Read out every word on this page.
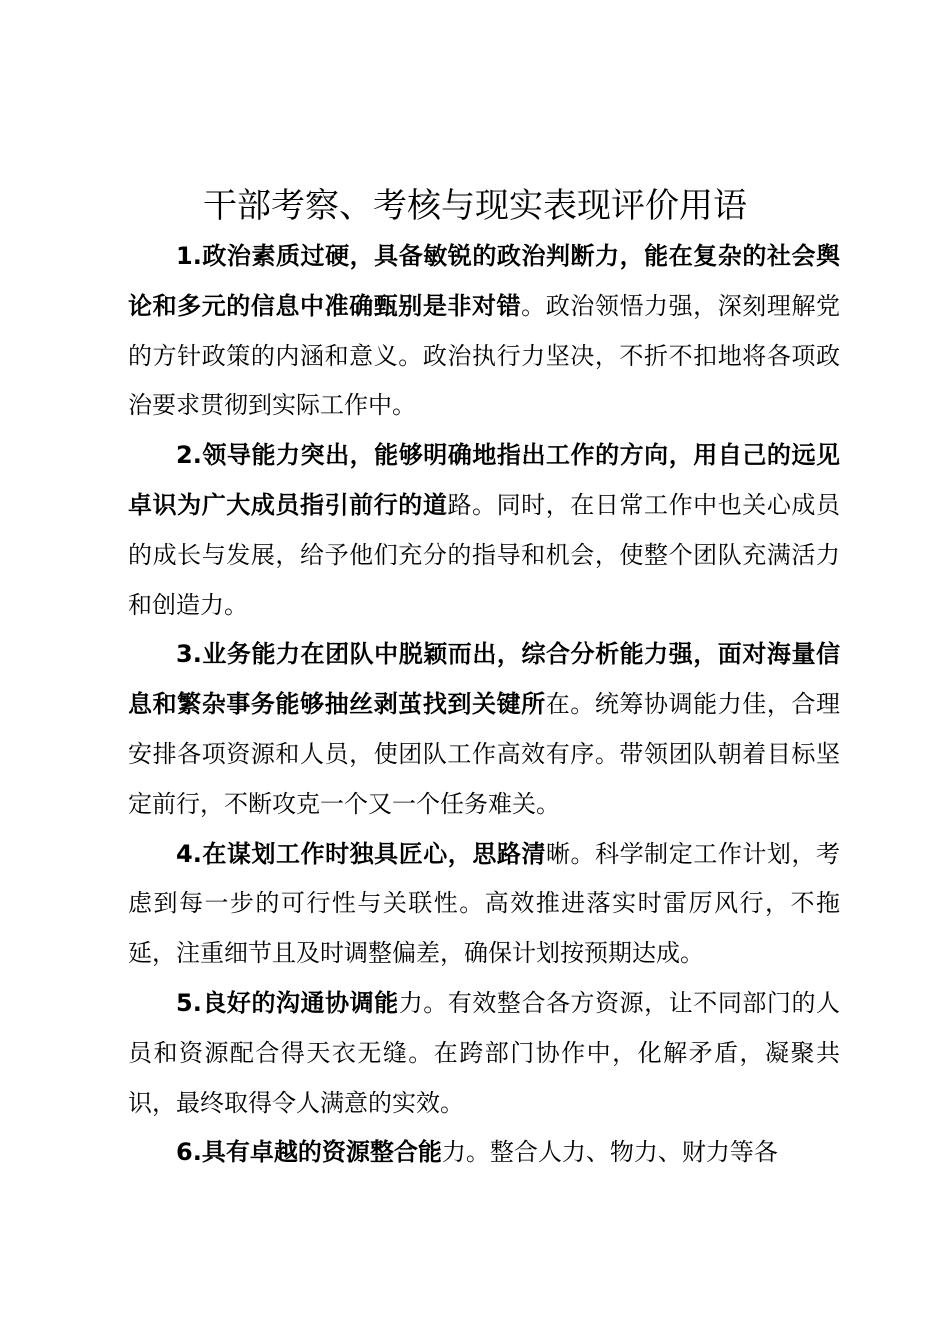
干部考察、考核与现实表现评价用语

1.政治素质过硬，具备敏锐的政治判断力，能在复杂的社会舆论和多元的信息中准确甄别是非对错。政治领悟力强，深刻理解党的方针政策的内涵和意义。政治执行力坚决，不折不扣地将各项政治要求贯彻到实际工作中。

2.领导能力突出，能够明确地指出工作的方向，用自己的远见卓识为广大成员指引前行的道路。同时，在日常工作中也关心成员的成长与发展，给予他们充分的指导和机会，使整个团队充满活力和创造力。

3.业务能力在团队中脱颖而出，综合分析能力强，面对海量信息和繁杂事务能够抽丝剥茧找到关键所在。统筹协调能力佳，合理安排各项资源和人员，使团队工作高效有序。带领团队朝着目标坚定前行，不断攻克一个又一个任务难关。

4.在谋划工作时独具匠心，思路清晰。科学制定工作计划，考虑到每一步的可行性与关联性。高效推进落实时雷厉风行，不拖延，注重细节且及时调整偏差，确保计划按预期达成。

5.良好的沟通协调能力。有效整合各方资源，让不同部门的人员和资源配合得天衣无缝。在跨部门协作中，化解矛盾，凝聚共识，最终取得令人满意的实效。

6.具有卓越的资源整合能力。整合人力、物力、财力等各
